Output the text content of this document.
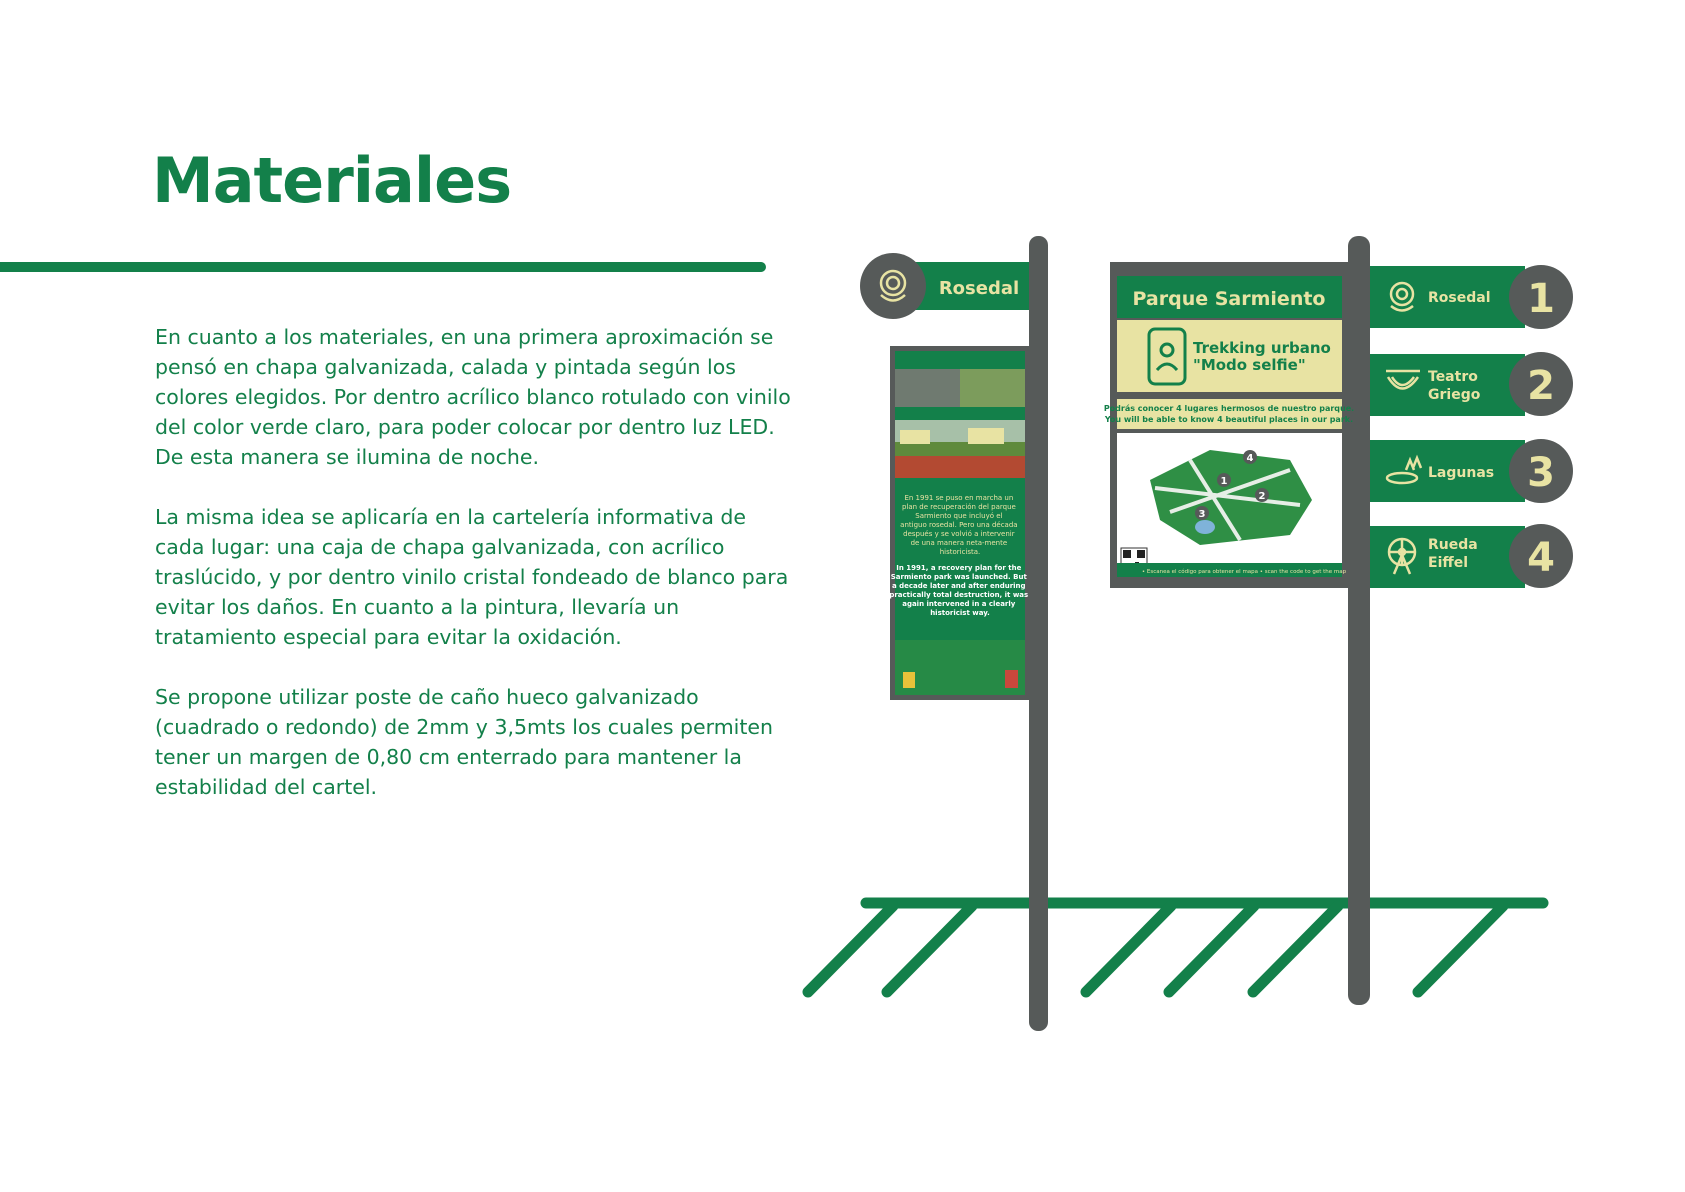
Materiales

En cuanto a los materiales, en una primera aproximación se pensó en chapa galvanizada, calada y pintada según los colores elegidos. Por dentro acrílico blanco rotulado con vinilo del color verde claro, para poder colocar por dentro luz LED. De esta manera se ilumina de noche.

La misma idea se aplicaría en la cartelería informativa de cada lugar: una caja de chapa galvanizada, con acrílico traslúcido, y por dentro vinilo cristal fondeado de blanco para evitar los daños. En cuanto a la pintura, llevaría un tratamiento especial para evitar la oxidación.

Se propone utilizar poste de caño hueco galvanizado (cuadrado o redondo) de 2mm y 3,5mts los cuales permiten tener un margen de 0,80 cm enterrado para mantener la estabilidad del cartel.

Rosedal
En 1991 se puso en marcha un plan de recuperación del parque Sarmiento que incluyó el antiguo rosedal. Pero una década después y se volvió a intervenir de una manera neta-mente historicista.
In 1991, a recovery plan for the Sarmiento park was launched. But a decade later and after enduring practically total destruction, it was again intervened in a clearly historicist way.
Parque Sarmiento
Trekking urbano "Modo selfie"
Podrás conocer 4 lugares hermosos de nuestro parque.
You will be able to know 4 beautiful places in our park.
1
2
3
4
• Escanea el código para obtener el mapa • scan the code to get the map
1
Rosedal
2
Teatro Griego
3
Lagunas
4
Rueda Eiffel
